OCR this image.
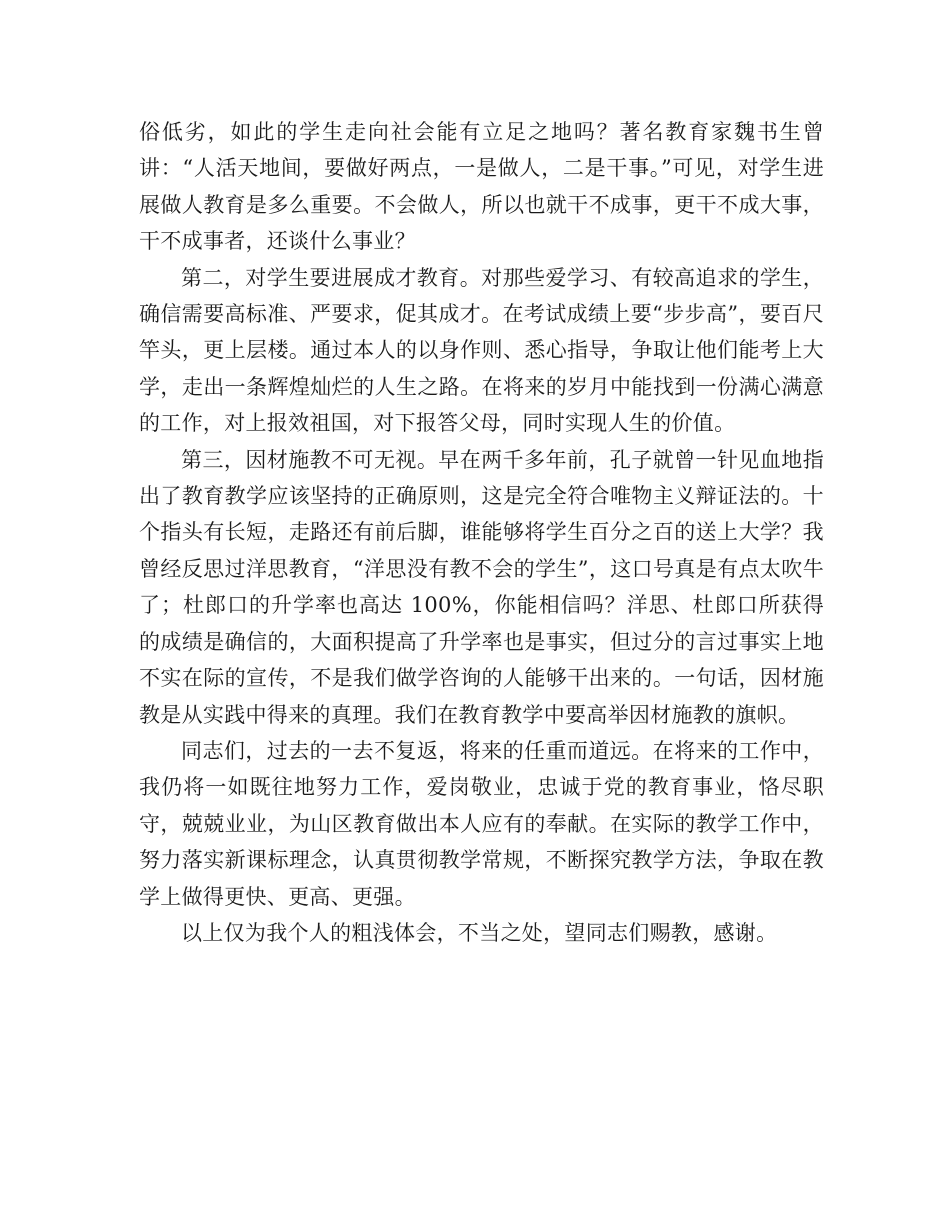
俗低劣，如此的学生走向社会能有立足之地吗？著名教育家魏书生曾讲：“人活天地间，要做好两点，一是做人，二是干事。”可见，对学生进展做人教育是多么重要。不会做人，所以也就干不成事，更干不成大事，干不成事者，还谈什么事业？

第二，对学生要进展成才教育。对那些爱学习、有较高追求的学生，确信需要高标准、严要求，促其成才。在考试成绩上要“步步高”，要百尺竿头，更上层楼。通过本人的以身作则、悉心指导，争取让他们能考上大学，走出一条辉煌灿烂的人生之路。在将来的岁月中能找到一份满心满意的工作，对上报效祖国，对下报答父母，同时实现人生的价值。

第三，因材施教不可无视。早在两千多年前，孔子就曾一针见血地指出了教育教学应该坚持的正确原则，这是完全符合唯物主义辩证法的。十个指头有长短，走路还有前后脚，谁能够将学生百分之百的送上大学？我曾经反思过洋思教育，“洋思没有教不会的学生”，这口号真是有点太吹牛了；杜郎口的升学率也高达 100%，你能相信吗？洋思、杜郎口所获得的成绩是确信的，大面积提高了升学率也是事实，但过分的言过事实上地不实在际的宣传，不是我们做学咨询的人能够干出来的。一句话，因材施教是从实践中得来的真理。我们在教育教学中要高举因材施教的旗帜。

同志们，过去的一去不复返，将来的任重而道远。在将来的工作中，我仍将一如既往地努力工作，爱岗敬业，忠诚于党的教育事业，恪尽职守，兢兢业业，为山区教育做出本人应有的奉献。在实际的教学工作中，努力落实新课标理念，认真贯彻教学常规，不断探究教学方法，争取在教学上做得更快、更高、更强。

以上仅为我个人的粗浅体会，不当之处，望同志们赐教，感谢。
